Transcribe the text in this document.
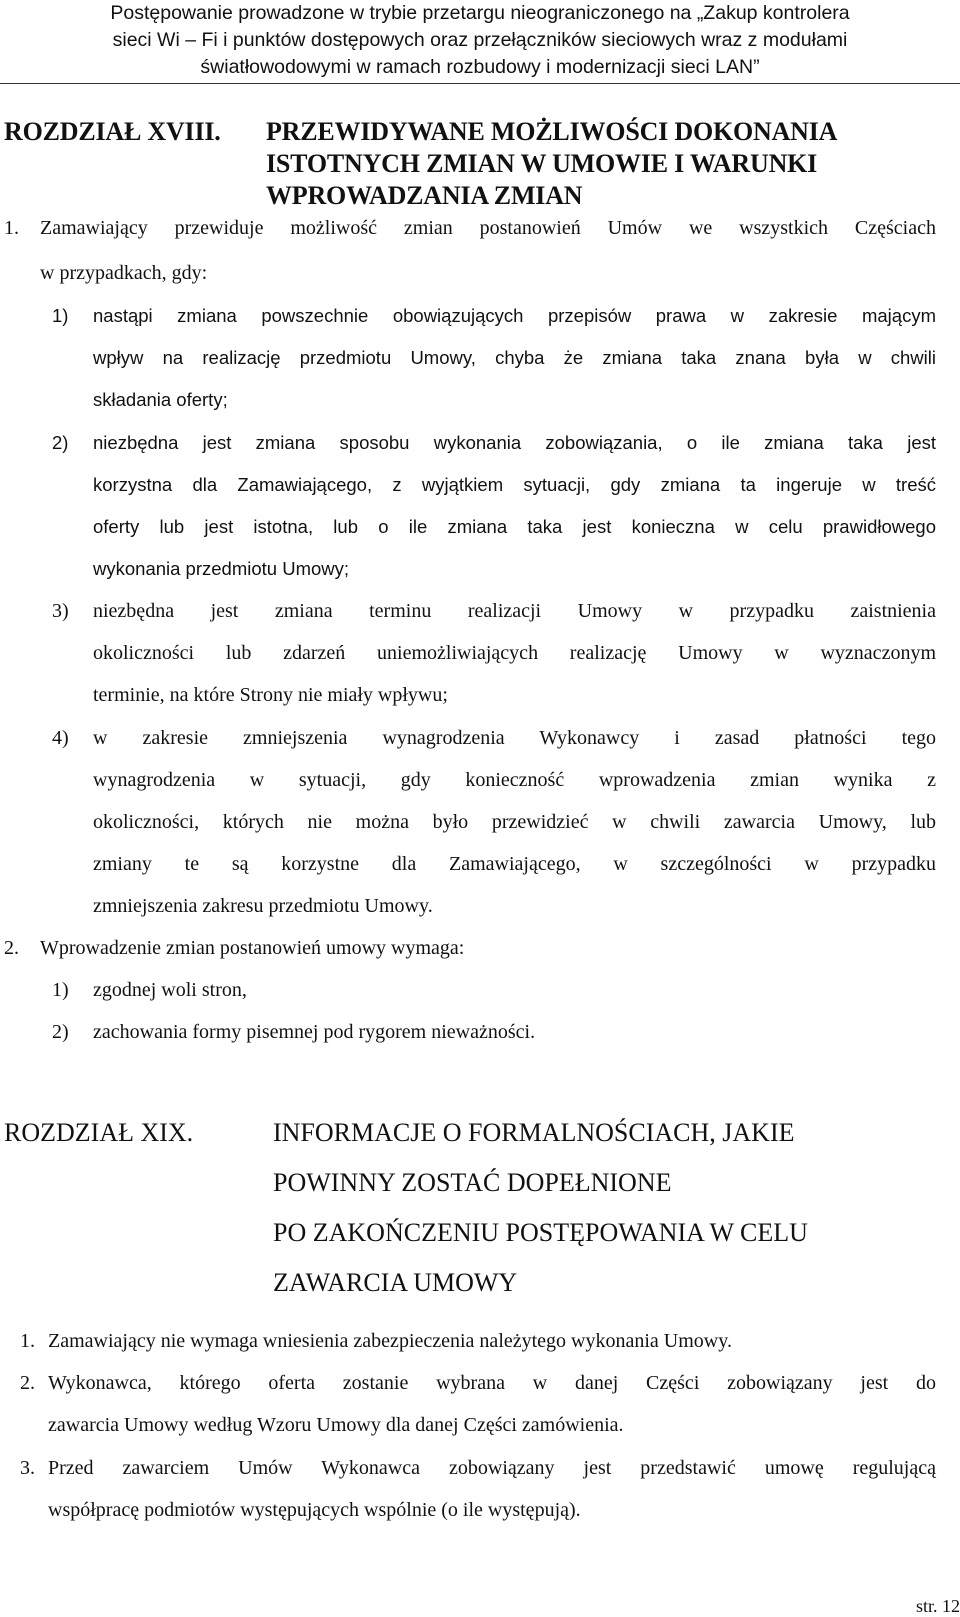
Postępowanie prowadzone w trybie przetargu nieograniczonego na „Zakup kontrolera
sieci Wi – Fi i punktów dostępowych oraz przełączników sieciowych wraz z modułami
światłowodowymi w ramach rozbudowy i modernizacji sieci LAN”
ROZDZIAŁ XVIII. PRZEWIDYWANE MOŻLIWOŚCI DOKONANIA ISTOTNYCH ZMIAN W UMOWIE I WARUNKI WPROWADZANIA ZMIAN
1. Zamawiający przewiduje możliwość zmian postanowień Umów we wszystkich Częściach
w przypadkach, gdy:
1) nastąpi zmiana powszechnie obowiązujących przepisów prawa w zakresie mającym
wpływ na realizację przedmiotu Umowy, chyba że zmiana taka znana była w chwili
składania oferty;
2) niezbędna jest zmiana sposobu wykonania zobowiązania, o ile zmiana taka jest
korzystna dla Zamawiającego, z wyjątkiem sytuacji, gdy zmiana ta ingeruje w treść
oferty lub jest istotna, lub o ile zmiana taka jest konieczna w celu prawidłowego
wykonania przedmiotu Umowy;
3) niezbędna jest zmiana terminu realizacji Umowy w przypadku zaistnienia
okoliczności lub zdarzeń uniemożliwiających realizację Umowy w wyznaczonym
terminie, na które Strony nie miały wpływu;
4) w zakresie zmniejszenia wynagrodzenia Wykonawcy i zasad płatności tego
wynagrodzenia w sytuacji, gdy konieczność wprowadzenia zmian wynika z
okoliczności, których nie można było przewidzieć w chwili zawarcia Umowy, lub
zmiany te są korzystne dla Zamawiającego, w szczególności w przypadku
zmniejszenia zakresu przedmiotu Umowy.
2. Wprowadzenie zmian postanowień umowy wymaga:
1) zgodnej woli stron,
2) zachowania formy pisemnej pod rygorem nieważności.
ROZDZIAŁ XIX.	INFORMACJE O FORMALNOŚCIACH, JAKIE
POWINNY ZOSTAĆ DOPEŁNIONE
PO ZAKOŃCZENIU POSTĘPOWANIA W CELU
ZAWARCIA UMOWY
1. Zamawiający nie wymaga wniesienia zabezpieczenia należytego wykonania Umowy.
2. Wykonawca, którego oferta zostanie wybrana w danej Części zobowiązany jest do
zawarcia Umowy według Wzoru Umowy dla danej Części zamówienia.
3. Przed zawarciem Umów Wykonawca zobowiązany jest przedstawić umowę regulującą
współpracę podmiotów występujących wspólnie (o ile występują).
str. 12
